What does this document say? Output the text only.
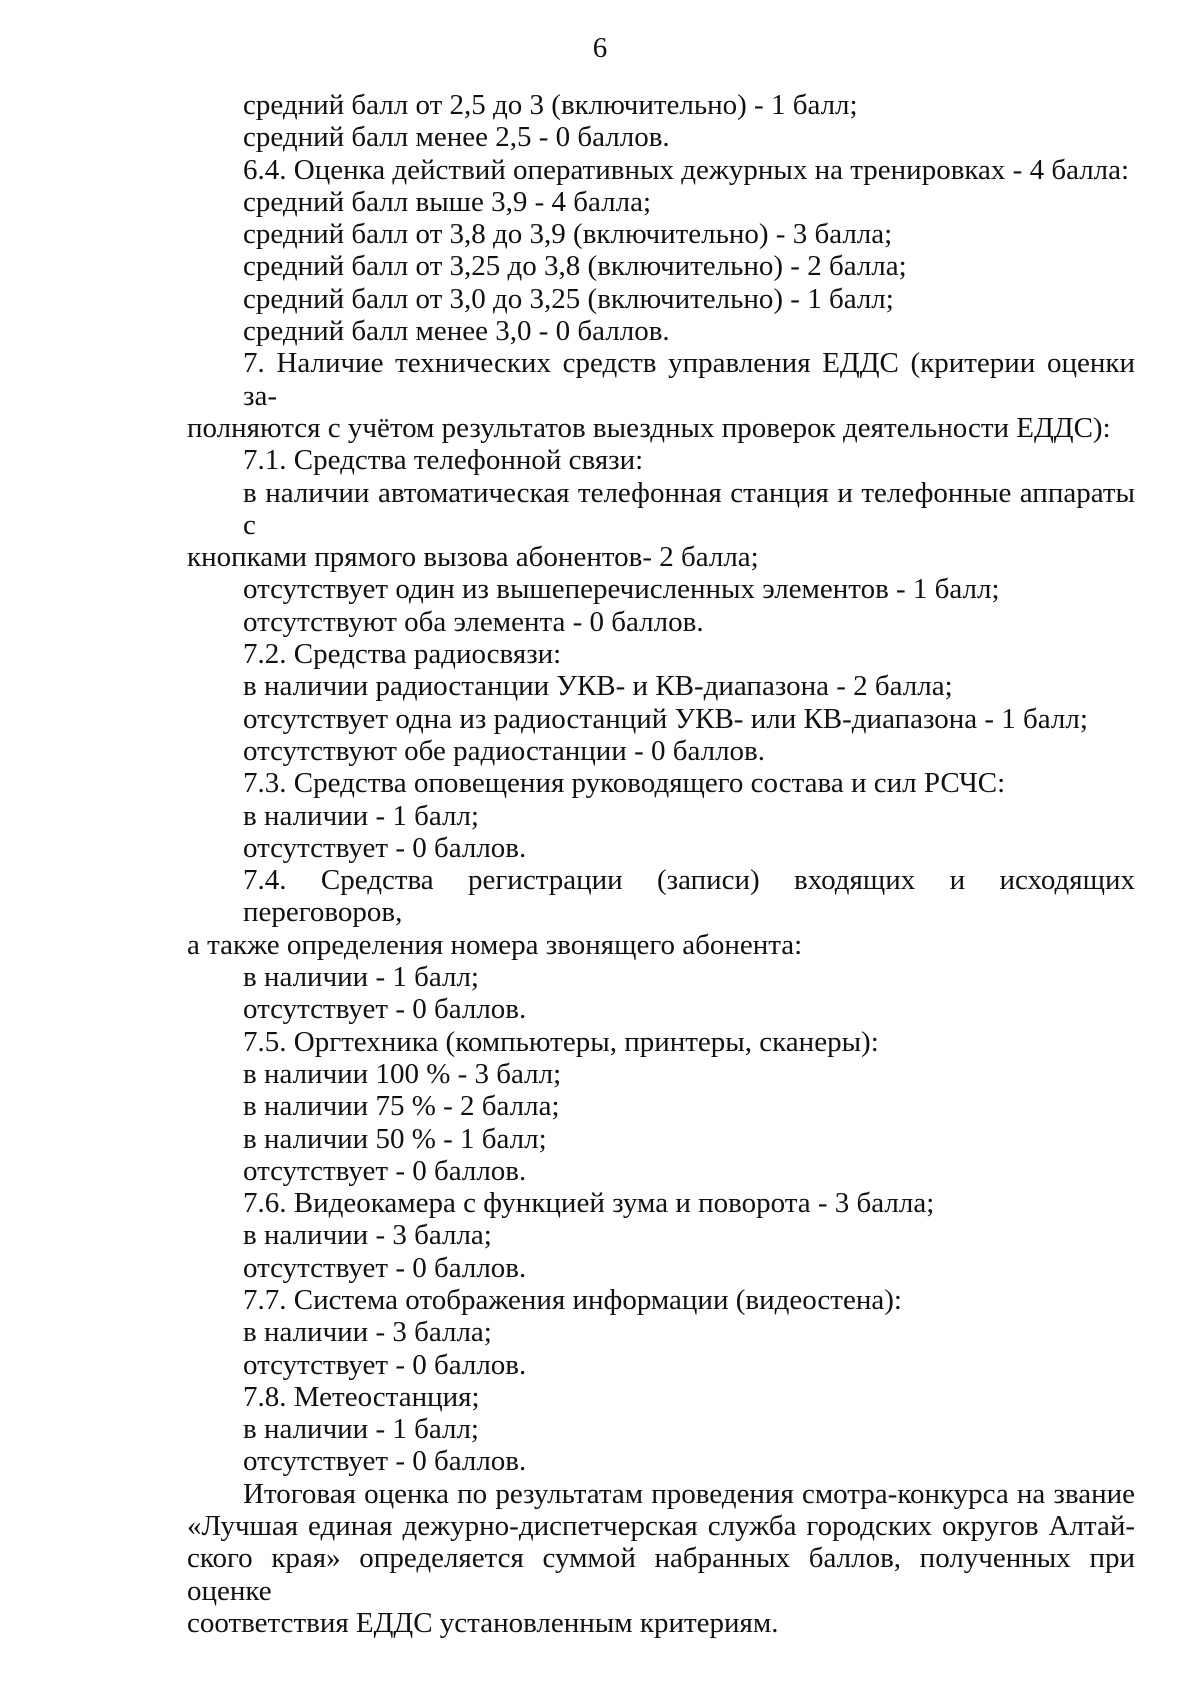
6
средний балл от 2,5 до 3 (включительно) - 1 балл;
средний балл менее 2,5 - 0 баллов.
6.4. Оценка действий оперативных дежурных на тренировках - 4 балла:
средний балл выше 3,9 - 4 балла;
средний балл от 3,8 до 3,9 (включительно) - 3 балла;
средний балл от 3,25 до 3,8 (включительно) - 2 балла;
средний балл от 3,0 до 3,25 (включительно) - 1 балл;
средний балл менее 3,0 - 0 баллов.
7. Наличие технических средств управления ЕДДС (критерии оценки за-
полняются с учётом результатов выездных проверок деятельности ЕДДС):
7.1. Средства телефонной связи:
в наличии автоматическая телефонная станция и телефонные аппараты с
кнопками прямого вызова абонентов- 2 балла;
отсутствует один из вышеперечисленных элементов - 1 балл;
отсутствуют оба элемента - 0 баллов.
7.2. Средства радиосвязи:
в наличии радиостанции УКВ- и КВ-диапазона - 2 балла;
отсутствует одна из радиостанций УКВ- или КВ-диапазона - 1 балл;
отсутствуют обе радиостанции - 0 баллов.
7.3. Средства оповещения руководящего состава и сил РСЧС:
в наличии - 1 балл;
отсутствует - 0 баллов.
7.4. Средства регистрации (записи) входящих и исходящих переговоров,
а также определения номера звонящего абонента:
в наличии - 1 балл;
отсутствует - 0 баллов.
7.5. Оргтехника (компьютеры, принтеры, сканеры):
в наличии 100 % - 3 балл;
в наличии 75 % - 2 балла;
в наличии 50 % - 1 балл;
отсутствует - 0 баллов.
7.6. Видеокамера с функцией зума и поворота - 3 балла;
в наличии - 3 балла;
отсутствует - 0 баллов.
7.7. Система отображения информации (видеостена):
в наличии - 3 балла;
отсутствует - 0 баллов.
7.8. Метеостанция;
в наличии - 1 балл;
отсутствует - 0 баллов.
Итоговая оценка по результатам проведения смотра-конкурса на звание
«Лучшая единая дежурно-диспетчерская служба городских округов Алтай-
ского края» определяется суммой набранных баллов, полученных при оценке
соответствия ЕДДС установленным критериям.
